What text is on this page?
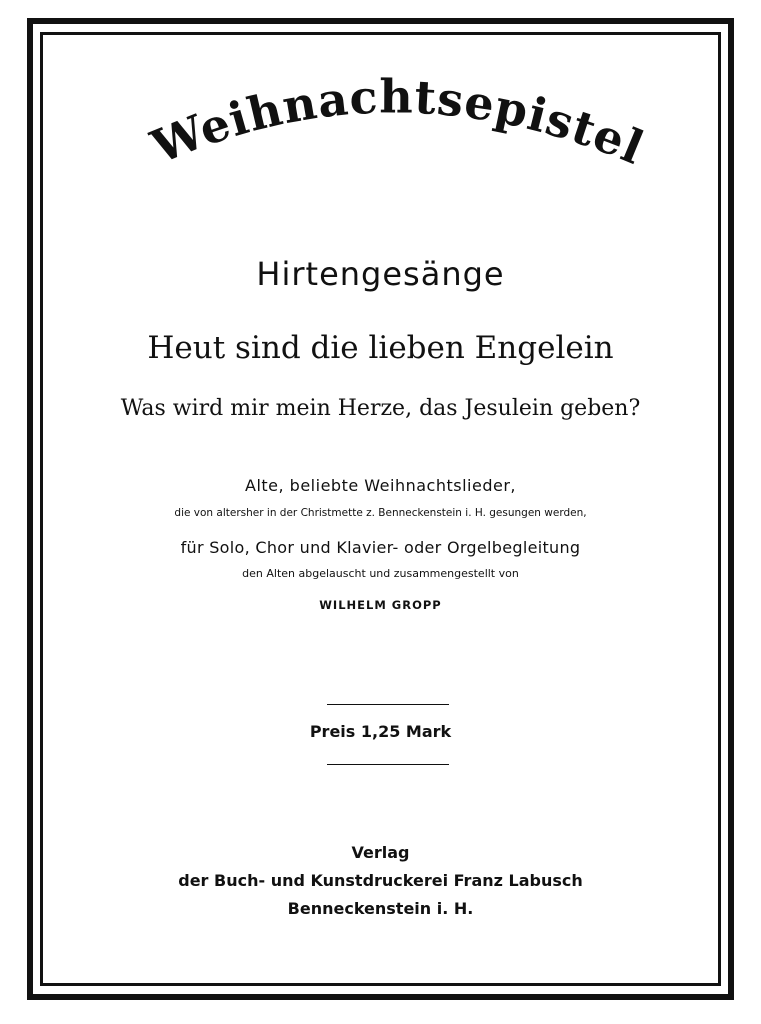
Weihnachtsepistel
Hirtengesänge
Heut sind die lieben Engelein
Was wird mir mein Herze, das Jesulein geben?
Alte, beliebte Weihnachtslieder,
die von altersher in der Christmette z. Benneckenstein i. H. gesungen werden,
für Solo, Chor und Klavier- oder Orgelbegleitung
den Alten abgelauscht und zusammengestellt von
WILHELM GROPP
Preis 1,25 Mark
Verlag
der Buch- und Kunstdruckerei Franz Labusch
Benneckenstein i. H.
